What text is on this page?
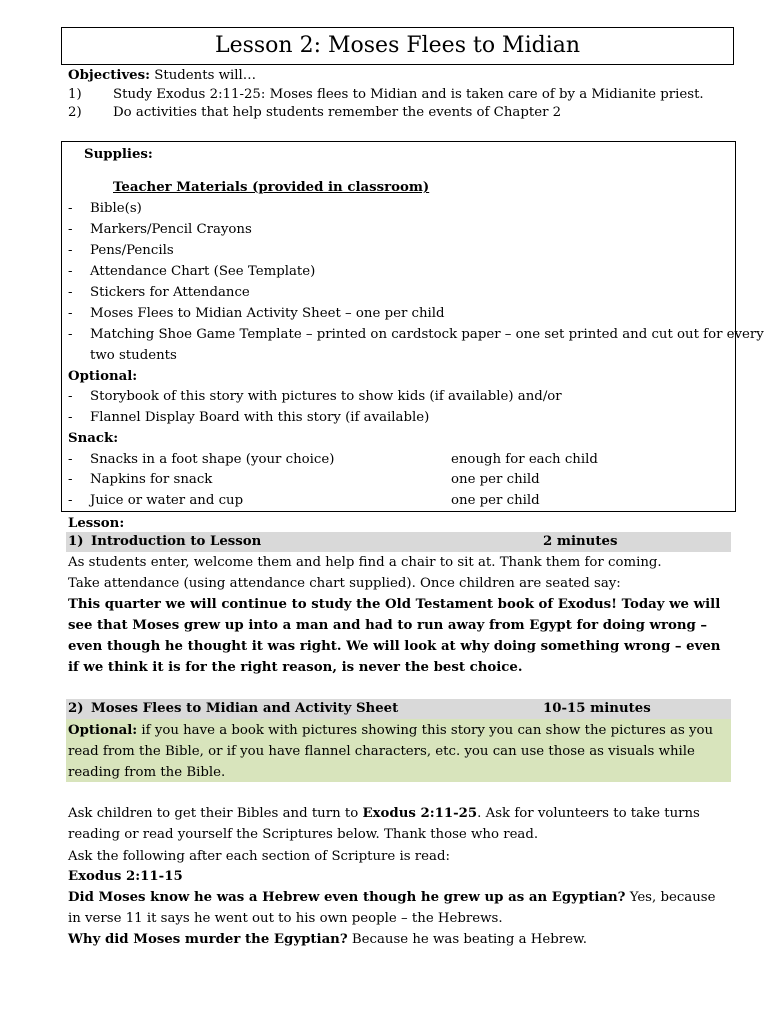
Lesson 2: Moses Flees to Midian
Objectives: Students will…
1) Study Exodus 2:11-25: Moses flees to Midian and is taken care of by a Midianite priest.
2) Do activities that help students remember the events of Chapter 2
Supplies:
Teacher Materials (provided in classroom)
- Bible(s)
- Markers/Pencil Crayons
- Pens/Pencils
- Attendance Chart (See Template)
- Stickers for Attendance
- Moses Flees to Midian Activity Sheet – one per child
- Matching Shoe Game Template – printed on cardstock paper – one set printed and cut out for every
two students
Optional:
- Storybook of this story with pictures to show kids (if available) and/or
- Flannel Display Board with this story (if available)
Snack:
- Snacks in a foot shape (your choice)	enough for each child
- Napkins for snack	one per child
- Juice or water and cup	one per child
Lesson:
1) Introduction to Lesson	2 minutes
As students enter, welcome them and help find a chair to sit at. Thank them for coming.
Take attendance (using attendance chart supplied). Once children are seated say:
This quarter we will continue to study the Old Testament book of Exodus! Today we will see that Moses grew up into a man and had to run away from Egypt for doing wrong – even though he thought it was right. We will look at why doing something wrong – even if we think it is for the right reason, is never the best choice.
2) Moses Flees to Midian and Activity Sheet	10-15 minutes
Optional: if you have a book with pictures showing this story you can show the pictures as you read from the Bible, or if you have flannel characters, etc. you can use those as visuals while reading from the Bible.
Ask children to get their Bibles and turn to Exodus 2:11-25. Ask for volunteers to take turns reading or read yourself the Scriptures below. Thank those who read.
Ask the following after each section of Scripture is read:
Exodus 2:11-15
Did Moses know he was a Hebrew even though he grew up as an Egyptian? Yes, because in verse 11 it says he went out to his own people – the Hebrews.
Why did Moses murder the Egyptian? Because he was beating a Hebrew.
